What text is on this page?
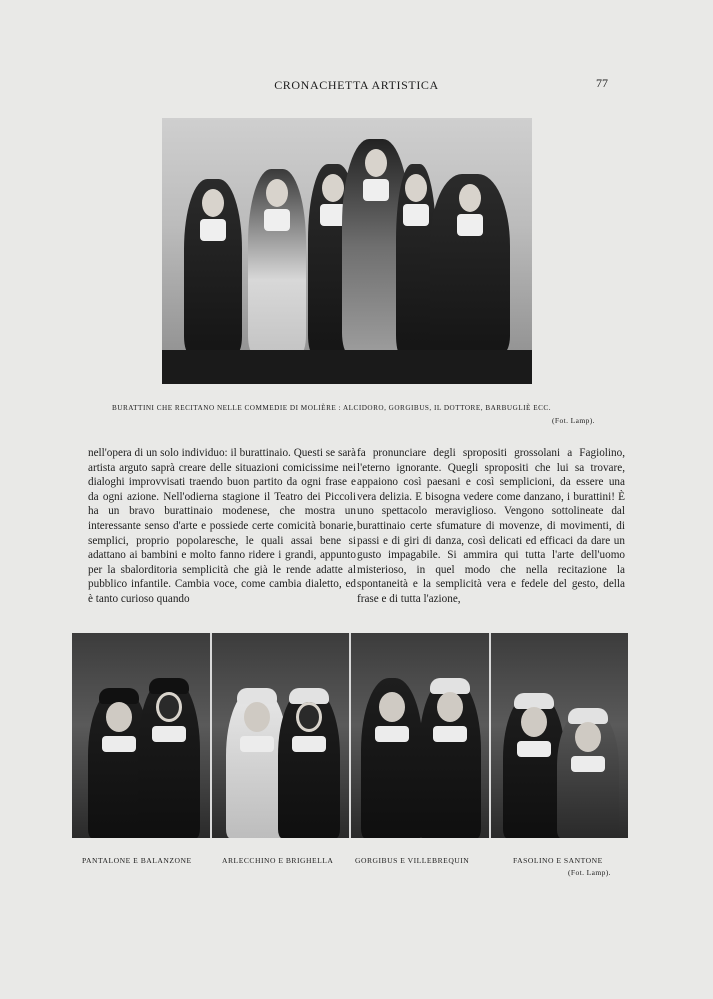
CRONACHETTA ARTISTICA	77
BURATTINI CHE RECITANO NELLE COMMEDIE DI MOLIÈRE : ALCIDORO, GORGIBUS, IL DOTTORE, BARBUGLIÈ ECC.
(Fot. Lamp).

nell'opera di un solo individuo: il burattinaio. Questi se sarà artista arguto saprà creare delle situazioni comicissime nei dialoghi improvvisati traendo buon partito da ogni frase e da ogni azione. Nell'odierna stagione il Teatro dei Piccoli ha un bravo burattinaio modenese, che mostra un interessante senso d'arte e possiede certe comicità bonarie, semplici, proprio popolaresche, le quali assai bene si adattano ai bambini e molto fanno ridere i grandi, appunto per la sbalorditoria semplicità che già le rende adatte al pubblico infantile. Cambia voce, come cambia dialetto, ed è tanto curioso quando

fa pronunciare degli spropositi grossolani a Fagiolino, l'eterno ignorante. Quegli spropositi che lui sa trovare, appaiono così paesani e così semplicioni, da essere una vera delizia. E bisogna vedere come danzano, i burattini! È uno spettacolo meraviglioso. Vengono sottolineate dal burattinaio certe sfumature di movenze, di movimenti, di passi e di giri di danza, così delicati ed efficaci da dare un gusto impagabile. Si ammira qui tutta l'arte dell'uomo misterioso, in quel modo che nella recitazione la spontaneità e la semplicità vera e fedele del gesto, della frase e di tutta l'azione,

PANTALONE E BALANZONE	ARLECCHINO E BRIGHELLA	GORGIBUS E VILLEBREQUIN	FASOLINO E SANTONE
(Fot. Lamp).
